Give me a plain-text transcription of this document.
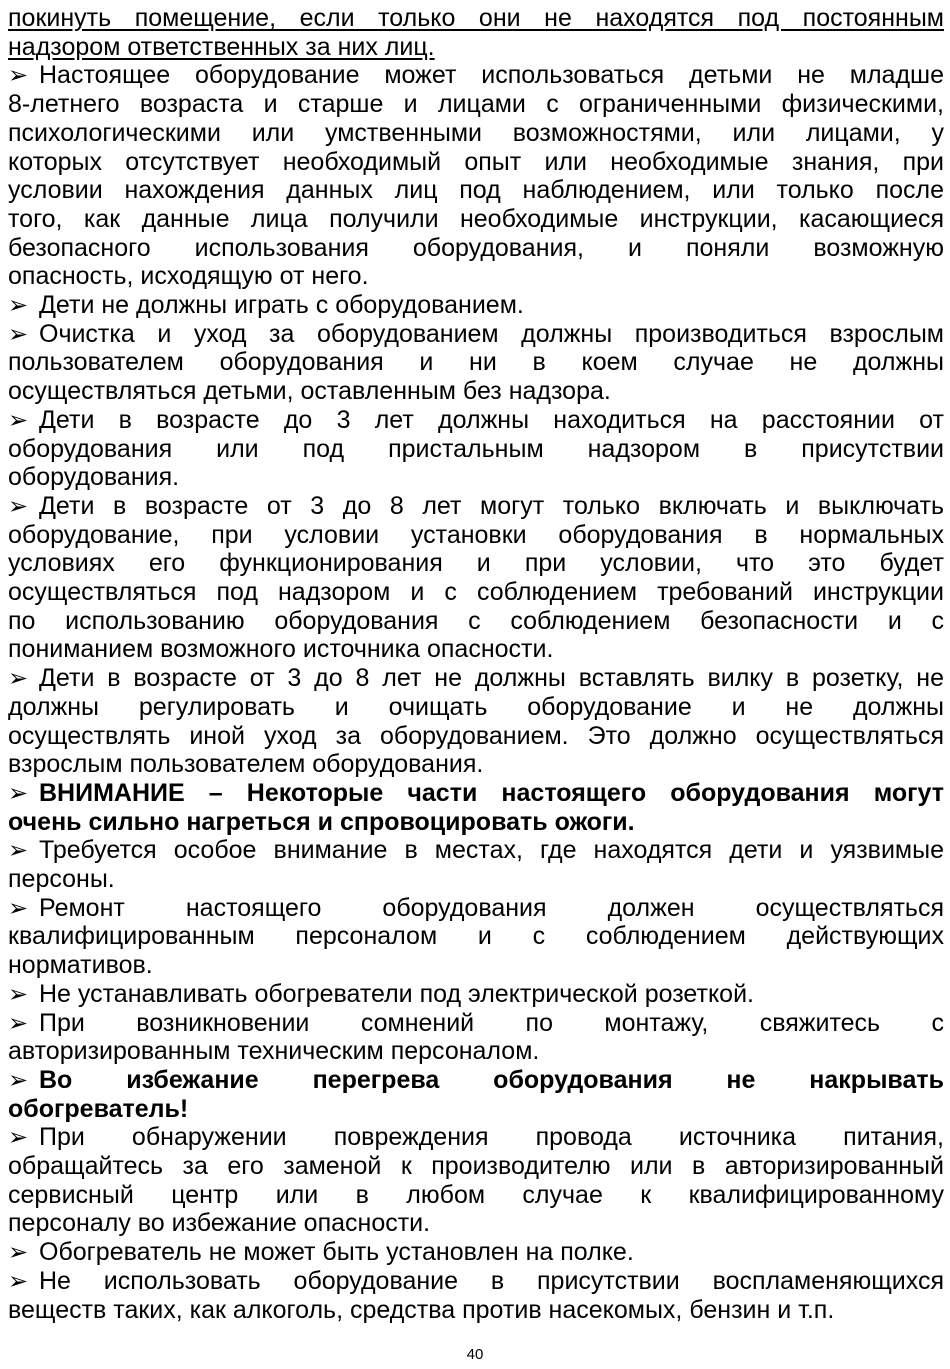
покинуть помещение, если только они не находятся под постоянным
надзором ответственных за них лиц.
➢ Настоящее оборудование может использоваться детьми не младше
8-летнего возраста и старше и лицами с ограниченными физическими,
психологическими или умственными возможностями, или лицами, у
которых отсутствует необходимый опыт или необходимые знания, при
условии нахождения данных лиц под наблюдением, или только после
того, как данные лица получили необходимые инструкции, касающиеся
безопасного использования оборудования, и поняли возможную
опасность, исходящую от него.
➢ Дети не должны играть с оборудованием.
➢ Очистка и уход за оборудованием должны производиться взрослым
пользователем оборудования и ни в коем случае не должны
осуществляться детьми, оставленным без надзора.
➢ Дети в возрасте до 3 лет должны находиться на расстоянии от
оборудования или под пристальным надзором в присутствии
оборудования.
➢ Дети в возрасте от 3 до 8 лет могут только включать и выключать
оборудование, при условии установки оборудования в нормальных
условиях его функционирования и при условии, что это будет
осуществляться под надзором и с соблюдением требований инструкции
по использованию оборудования с соблюдением безопасности и с
пониманием возможного источника опасности.
➢ Дети в возрасте от 3 до 8 лет не должны вставлять вилку в розетку, не
должны регулировать и очищать оборудование и не должны
осуществлять иной уход за оборудованием. Это должно осуществляться
взрослым пользователем оборудования.
➢ ВНИМАНИЕ – Некоторые части настоящего оборудования могут
очень сильно нагреться и спровоцировать ожоги.
➢ Требуется особое внимание в местах, где находятся дети и уязвимые
персоны.
➢ Ремонт настоящего оборудования должен осуществляться
квалифицированным персоналом и с соблюдением действующих
нормативов.
➢ Не устанавливать обогреватели под электрической розеткой.
➢ При возникновении сомнений по монтажу, свяжитесь с
авторизированным техническим персоналом.
➢ Во избежание перегрева оборудования не накрывать
обогреватель!
➢ При обнаружении повреждения провода источника питания,
обращайтесь за его заменой к производителю или в авторизированный
сервисный центр или в любом случае к квалифицированному
персоналу во избежание опасности.
➢ Обогреватель не может быть установлен на полке.
➢ Не использовать оборудование в присутствии воспламеняющихся
веществ таких, как алкоголь, средства против насекомых, бензин и т.п.
40
